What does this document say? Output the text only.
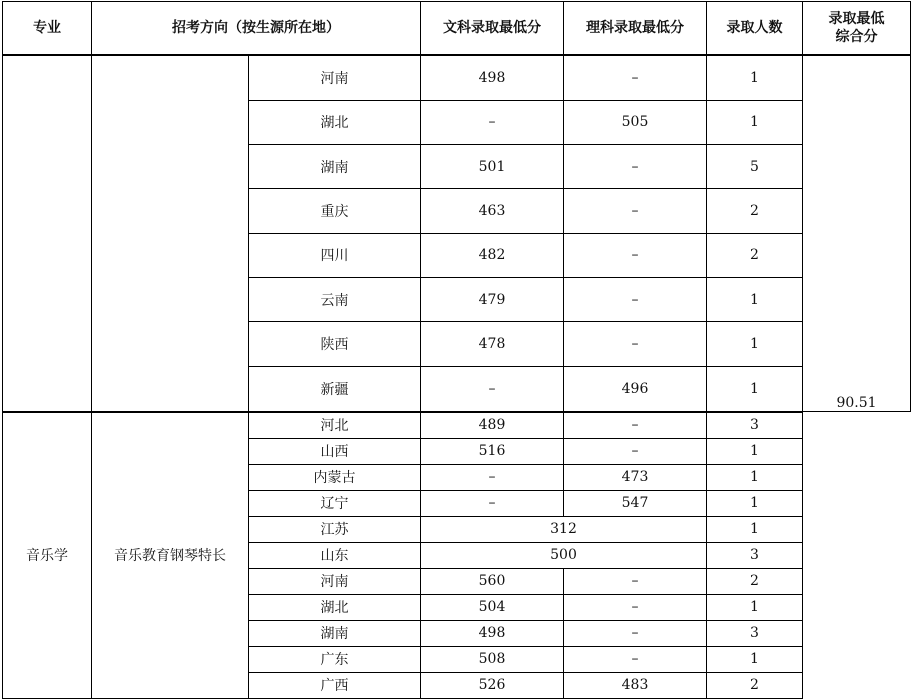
专业	招考方向（按生源所在地）		文科录取最低分	理科录取最低分	录取人数	录取最低
综合分

		河南	498	–	1	90.51

		湖北	–	505	1	
		湖南	501	–	5	
		重庆	463	–	2	
		四川	482	–	2	
		云南	479	–	1	
		陕西	478	–	1	
		新疆	–	496	1	
音乐学	音乐教育钢琴特长	河北	489	–	3	
		山西	516	–	1	
		内蒙古	–	473	1	
		辽宁	–	547	1	
		江苏	312		1	
		山东	500		3	
		河南	560	–	2	
		湖北	504	–	1	
		湖南	498	–	3	
		广东	508	–	1	
		广西	526	483	2	
